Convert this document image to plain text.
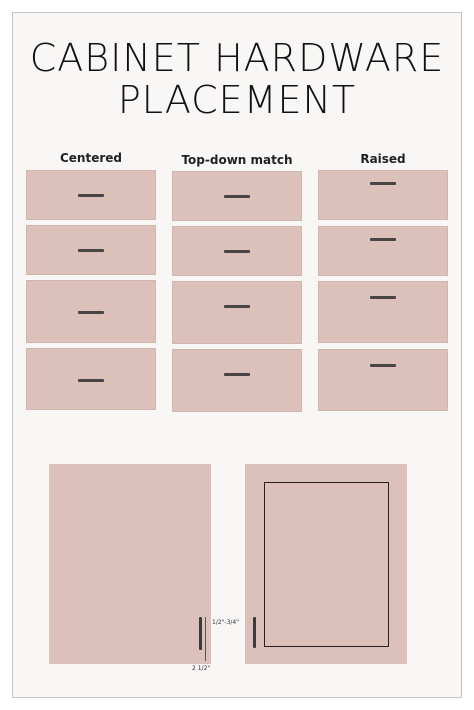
CABINET HARDWARE
PLACEMENT
Centered	Top-down match	Raised
1/2"-3/4"
2 1/2"
